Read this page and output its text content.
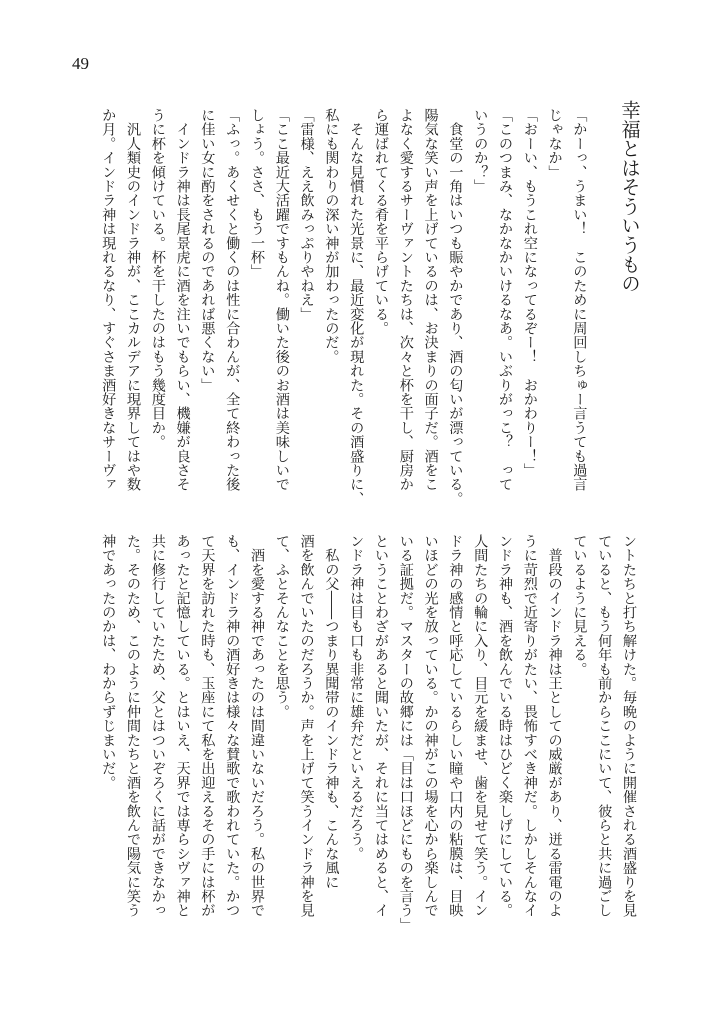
49
幸福とはそういうもの
「かーっ、うまい！　このために周回しちゅー言うても過言
じゃなか」
「おーい、もうこれ空になってるぞー！　おかわりー！」
「このつまみ、なかなかいけるなあ。いぶりがっこ？　って
いうのか？」
　食堂の一角はいつも賑やかであり、酒の匂いが漂っている。
陽気な笑い声を上げているのは、お決まりの面子だ。酒をこ
よなく愛するサーヴァントたちは、次々と杯を干し、厨房か
ら運ばれてくる肴を平らげている。
　そんな見慣れた光景に、最近変化が現れた。その酒盛りに、
私にも関わりの深い神が加わったのだ。
「雷様、ええ飲みっぷりやねえ」
「ここ最近大活躍ですもんね。働いた後のお酒は美味しいで
しょう。ささ、もう一杯」
「ふっ。あくせくと働くのは性に合わんが、全て終わった後
に佳い女に酌をされるのであれば悪くない」
　インドラ神は長尾景虎に酒を注いでもらい、機嫌が良さそ
うに杯を傾けている。杯を干したのはもう幾度目か。
　汎人類史のインドラ神が、ここカルデアに現界してはや数
か月。インドラ神は現れるなり、すぐさま酒好きなサーヴァ
ントたちと打ち解けた。毎晩のように開催される酒盛りを見
ていると、もう何年も前からここにいて、彼らと共に過ごし
ているように見える。
　普段のインドラ神は王としての威厳があり、迸る雷電のよ
うに苛烈で近寄りがたい、畏怖すべき神だ。しかしそんなイ
ンドラ神も、酒を飲んでいる時はひどく楽しげにしている。
人間たちの輪に入り、目元を緩ませ、歯を見せて笑う。イン
ドラ神の感情と呼応しているらしい瞳や口内の粘膜は、目映
いほどの光を放っている。かの神がこの場を心から楽しんで
いる証拠だ。マスターの故郷には「目は口ほどにものを言う」
ということわざがあると聞いたが、それに当てはめると、イ
ンドラ神は目も口も非常に雄弁だといえるだろう。
　私の父――つまり異聞帯のインドラ神も、こんな風に
酒を飲んでいたのだろうか。声を上げて笑うインドラ神を見
て、ふとそんなことを思う。
　酒を愛する神であったのは間違いないだろう。私の世界で
も、インドラ神の酒好きは様々な賛歌で歌われていた。かつ
て天界を訪れた時も、玉座にて私を出迎えるその手には杯が
あったと記憶している。とはいえ、天界では専らシヴァ神と
共に修行していたため、父とはついぞろくに話ができなかっ
た。そのため、このように仲間たちと酒を飲んで陽気に笑う
神であったのかは、わからずじまいだ。
